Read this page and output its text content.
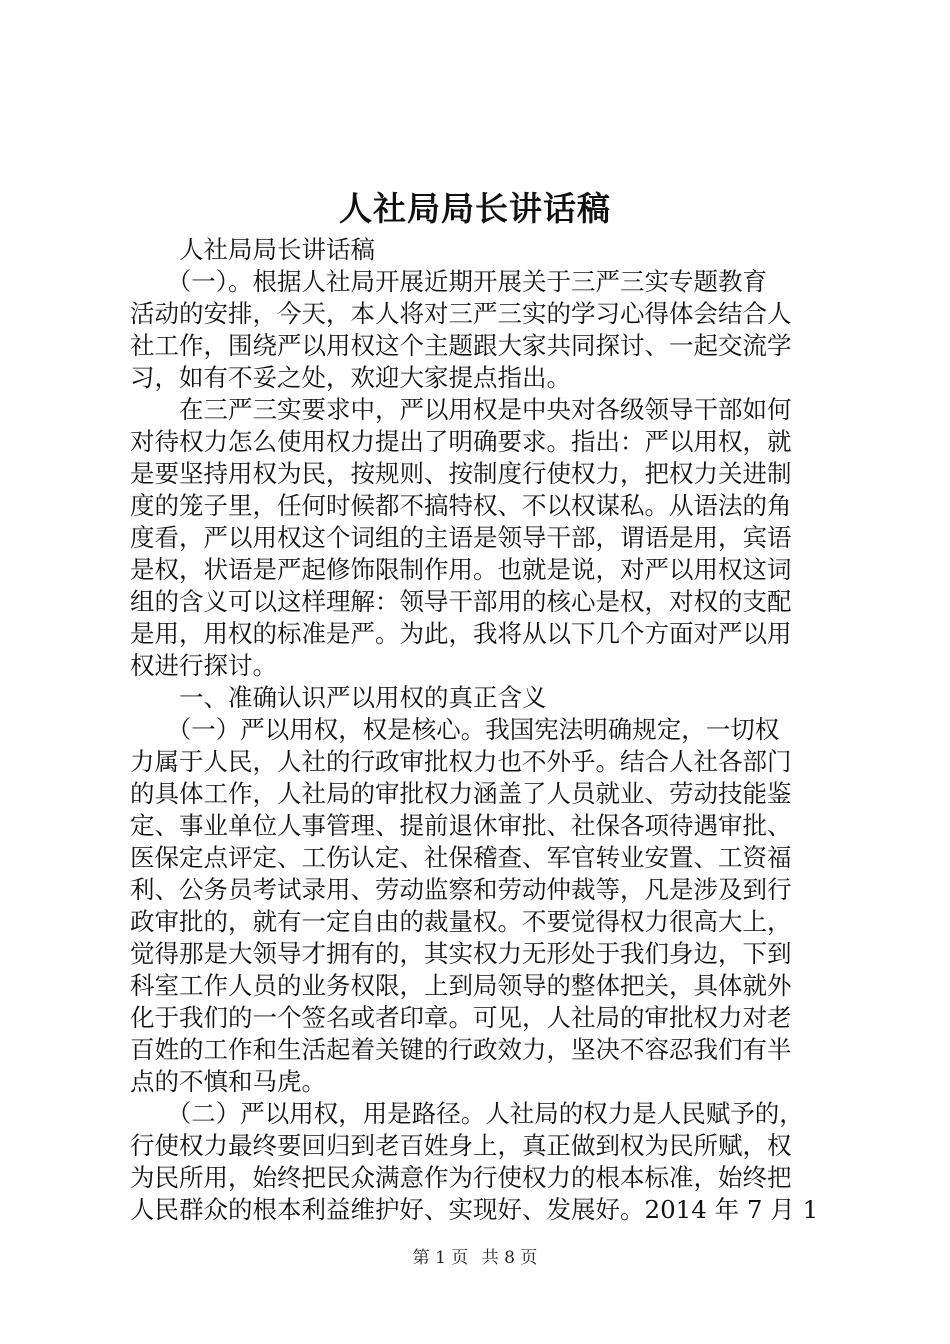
人社局局长讲话稿
　　人社局局长讲话稿
　　（一）。根据人社局开展近期开展关于三严三实专题教育
活动的安排，今天，本人将对三严三实的学习心得体会结合人
社工作，围绕严以用权这个主题跟大家共同探讨、一起交流学
习，如有不妥之处，欢迎大家提点指出。
　　在三严三实要求中，严以用权是中央对各级领导干部如何
对待权力怎么使用权力提出了明确要求。指出：严以用权，就
是要坚持用权为民，按规则、按制度行使权力，把权力关进制
度的笼子里，任何时候都不搞特权、不以权谋私。从语法的角
度看，严以用权这个词组的主语是领导干部，谓语是用，宾语
是权，状语是严起修饰限制作用。也就是说，对严以用权这词
组的含义可以这样理解：领导干部用的核心是权，对权的支配
是用，用权的标准是严。为此，我将从以下几个方面对严以用
权进行探讨。
　　一、准确认识严以用权的真正含义
　　（一）严以用权，权是核心。我国宪法明确规定，一切权
力属于人民，人社的行政审批权力也不外乎。结合人社各部门
的具体工作，人社局的审批权力涵盖了人员就业、劳动技能鉴
定、事业单位人事管理、提前退休审批、社保各项待遇审批、
医保定点评定、工伤认定、社保稽查、军官转业安置、工资福
利、公务员考试录用、劳动监察和劳动仲裁等，凡是涉及到行
政审批的，就有一定自由的裁量权。不要觉得权力很高大上，
觉得那是大领导才拥有的，其实权力无形处于我们身边，下到
科室工作人员的业务权限，上到局领导的整体把关，具体就外
化于我们的一个签名或者印章。可见，人社局的审批权力对老
百姓的工作和生活起着关键的行政效力，坚决不容忍我们有半
点的不慎和马虎。
　　（二）严以用权，用是路径。人社局的权力是人民赋予的，
行使权力最终要回归到老百姓身上，真正做到权为民所赋，权
为民所用，始终把民众满意作为行使权力的根本标准，始终把
人民群众的根本利益维护好、实现好、发展好。2014 年 7 月 1
第 1 页 共 8 页
